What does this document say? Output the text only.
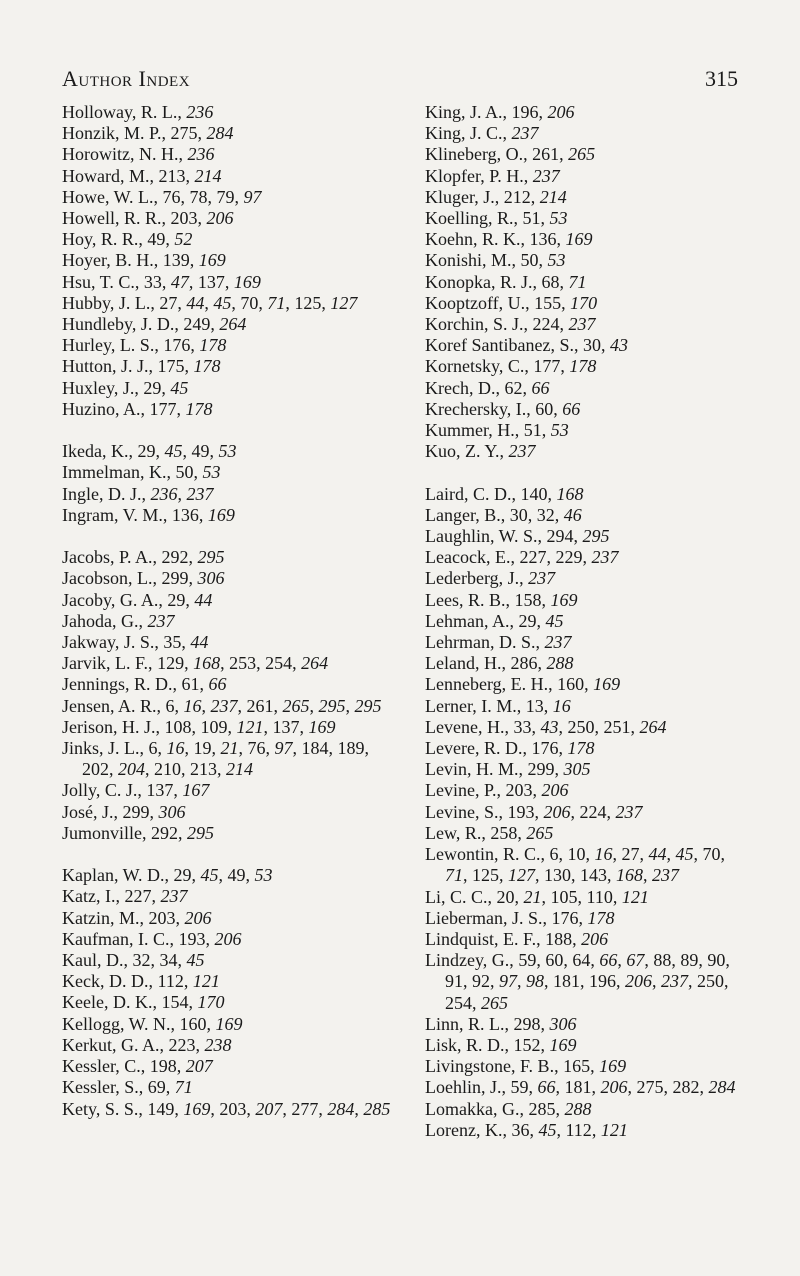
Author Index	315
Holloway, R. L., 236
Honzik, M. P., 275, 284
Horowitz, N. H., 236
Howard, M., 213, 214
Howe, W. L., 76, 78, 79, 97
Howell, R. R., 203, 206
Hoy, R. R., 49, 52
Hoyer, B. H., 139, 169
Hsu, T. C., 33, 47, 137, 169
Hubby, J. L., 27, 44, 45, 70, 71, 125, 127
Hundleby, J. D., 249, 264
Hurley, L. S., 176, 178
Hutton, J. J., 175, 178
Huxley, J., 29, 45
Huzino, A., 177, 178
Ikeda, K., 29, 45, 49, 53
Immelman, K., 50, 53
Ingle, D. J., 236, 237
Ingram, V. M., 136, 169
Jacobs, P. A., 292, 295
Jacobson, L., 299, 306
Jacoby, G. A., 29, 44
Jahoda, G., 237
Jakway, J. S., 35, 44
Jarvik, L. F., 129, 168, 253, 254, 264
Jennings, R. D., 61, 66
Jensen, A. R., 6, 16, 237, 261, 265, 295, 295
Jerison, H. J., 108, 109, 121, 137, 169
Jinks, J. L., 6, 16, 19, 21, 76, 97, 184, 189, 202, 204, 210, 213, 214
Jolly, C. J., 137, 167
José, J., 299, 306
Jumonville, 292, 295
Kaplan, W. D., 29, 45, 49, 53
Katz, I., 227, 237
Katzin, M., 203, 206
Kaufman, I. C., 193, 206
Kaul, D., 32, 34, 45
Keck, D. D., 112, 121
Keele, D. K., 154, 170
Kellogg, W. N., 160, 169
Kerkut, G. A., 223, 238
Kessler, C., 198, 207
Kessler, S., 69, 71
Kety, S. S., 149, 169, 203, 207, 277, 284, 285
King, J. A., 196, 206
King, J. C., 237
Klineberg, O., 261, 265
Klopfer, P. H., 237
Kluger, J., 212, 214
Koelling, R., 51, 53
Koehn, R. K., 136, 169
Konishi, M., 50, 53
Konopka, R. J., 68, 71
Kooptzoff, U., 155, 170
Korchin, S. J., 224, 237
Koref Santibanez, S., 30, 43
Kornetsky, C., 177, 178
Krech, D., 62, 66
Krechersky, I., 60, 66
Kummer, H., 51, 53
Kuo, Z. Y., 237
Laird, C. D., 140, 168
Langer, B., 30, 32, 46
Laughlin, W. S., 294, 295
Leacock, E., 227, 229, 237
Lederberg, J., 237
Lees, R. B., 158, 169
Lehman, A., 29, 45
Lehrman, D. S., 237
Leland, H., 286, 288
Lenneberg, E. H., 160, 169
Lerner, I. M., 13, 16
Levene, H., 33, 43, 250, 251, 264
Levere, R. D., 176, 178
Levin, H. M., 299, 305
Levine, P., 203, 206
Levine, S., 193, 206, 224, 237
Lew, R., 258, 265
Lewontin, R. C., 6, 10, 16, 27, 44, 45, 70, 71, 125, 127, 130, 143, 168, 237
Li, C. C., 20, 21, 105, 110, 121
Lieberman, J. S., 176, 178
Lindquist, E. F., 188, 206
Lindzey, G., 59, 60, 64, 66, 67, 88, 89, 90, 91, 92, 97, 98, 181, 196, 206, 237, 250, 254, 265
Linn, R. L., 298, 306
Lisk, R. D., 152, 169
Livingstone, F. B., 165, 169
Loehlin, J., 59, 66, 181, 206, 275, 282, 284
Lomakka, G., 285, 288
Lorenz, K., 36, 45, 112, 121
